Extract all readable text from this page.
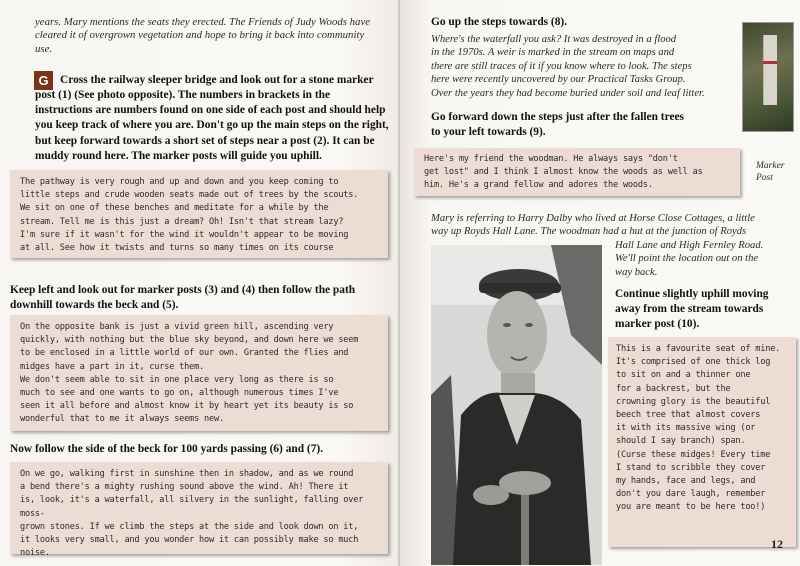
years. Mary mentions the seats they erected. The Friends of Judy Woods have
cleared it of overgrown vegetation and hope to bring it back into community
use.
G	Cross the railway sleeper bridge and look out for a stone marker
post (1) (See photo opposite). The numbers in brackets in the
instructions are numbers found on one side of each post and should help
you keep track of where you are. Don't go up the main steps on the right,
but keep forward towards a short set of steps near a post (2). It can be
muddy round here. The marker posts will guide you uphill.
The pathway is very rough and up and down and you keep coming to
little steps and crude wooden seats made out of trees by the scouts.
We sit on one of these benches and meditate for a while by the
stream. Tell me is this just a dream? Oh! Isn't that stream lazy?
I'm sure if it wasn't for the wind it wouldn't appear to be moving
at all. See how it twists and turns so many times on its course
Keep left and look out for marker posts (3) and (4) then follow the path
downhill towards the beck and (5).
On the opposite bank is just a vivid green hill, ascending very
quickly, with nothing but the blue sky beyond, and down here we seem
to be enclosed in a little world of our own. Granted the flies and
midges have a part in it, curse them.
We don't seem able to sit in one place very long as there is so
much to see and one wants to go on, although numerous times I've
seen it all before and almost know it by heart yet its beauty is so
wonderful that to me it always seems new.
Now follow the side of the beck for 100 yards passing (6) and (7).
On we go, walking first in sunshine then in shadow, and as we round
a bend there's a mighty rushing sound above the wind. Ah! There it
is, look, it's a waterfall, all silvery in the sunlight, falling over moss-
grown stones. If we climb the steps at the side and look down on it,
it looks very small, and you wonder how it can possibly make so much
noise.
Go up the steps towards (8).
Where's the waterfall you ask? It was destroyed in a flood
in the 1970s. A weir is marked in the stream on maps and
there are still traces of it if you know where to look. The steps
here were recently uncovered by our Practical Tasks Group.
Over the years they had become buried under soil and leaf litter.
Go forward down the steps just after the fallen trees
to your left towards (9).
Here's my friend the woodman. He always says "don't
get lost" and I think I almost know the woods as well as
him. He's a grand fellow and adores the woods.
Marker
Post
Mary is referring to Harry Dalby who lived at Horse Close Cottages, a little
way up Royds Hall Lane. The woodman had a hut at the junction of Royds
Hall Lane and High Fernley Road.
We'll point the location out on the
way back.
Continue slightly uphill moving
away from the stream towards
marker post (10).
This is a favourite seat of mine.
It's comprised of one thick log
to sit on and a thinner one
for a backrest, but the
crowning glory is the beautiful
beech tree that almost covers
it with its massive wing (or
should I say branch) span.
(Curse these midges! Every time
I stand to scribble they cover
my hands, face and legs, and
don't you dare laugh, remember
you are meant to be here too!)
12
